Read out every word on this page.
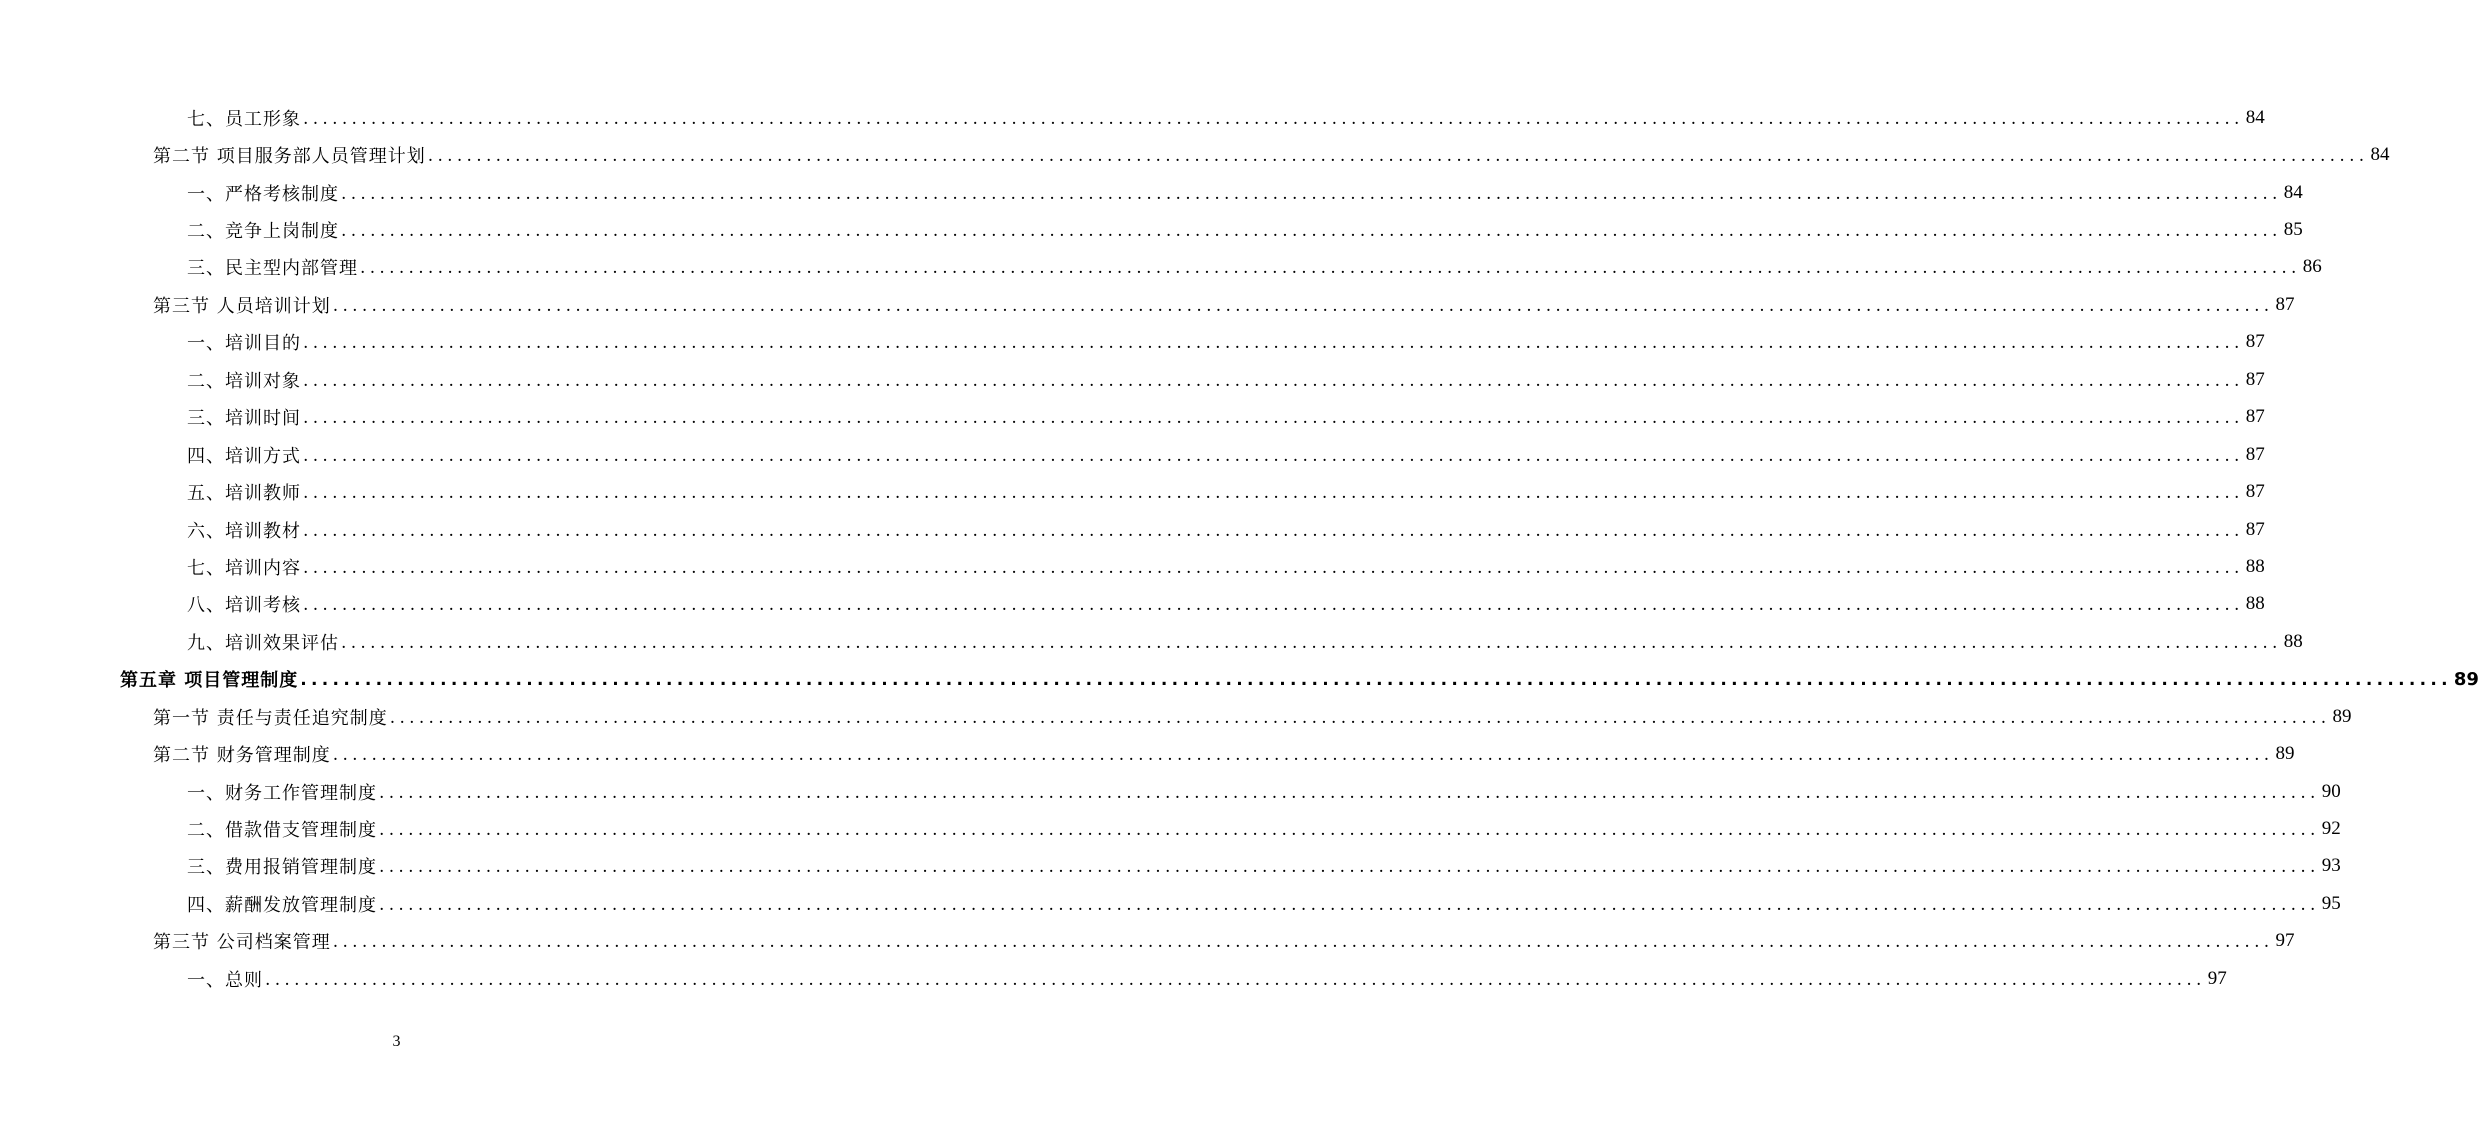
七、员工形象 ........................................................................................................................................................................................................ 84
第二节 项目服务部人员管理计划 ........................................................................................................................................................................................................ 84
一、严格考核制度 ........................................................................................................................................................................................................ 84
二、竞争上岗制度 ........................................................................................................................................................................................................ 85
三、民主型内部管理 ........................................................................................................................................................................................................ 86
第三节 人员培训计划 ........................................................................................................................................................................................................ 87
一、培训目的 ........................................................................................................................................................................................................ 87
二、培训对象 ........................................................................................................................................................................................................ 87
三、培训时间 ........................................................................................................................................................................................................ 87
四、培训方式 ........................................................................................................................................................................................................ 87
五、培训教师 ........................................................................................................................................................................................................ 87
六、培训教材 ........................................................................................................................................................................................................ 87
七、培训内容 ........................................................................................................................................................................................................ 88
八、培训考核 ........................................................................................................................................................................................................ 88
九、培训效果评估 ........................................................................................................................................................................................................ 88
第五章 项目管理制度 ........................................................................................................................................................................................................ 89
第一节 责任与责任追究制度 ........................................................................................................................................................................................................ 89
第二节 财务管理制度 ........................................................................................................................................................................................................ 89
一、财务工作管理制度 ........................................................................................................................................................................................................ 90
二、借款借支管理制度 ........................................................................................................................................................................................................ 92
三、费用报销管理制度 ........................................................................................................................................................................................................ 93
四、薪酬发放管理制度 ........................................................................................................................................................................................................ 95
第三节 公司档案管理 ........................................................................................................................................................................................................ 97
一、总则 ........................................................................................................................................................................................................ 97
3
